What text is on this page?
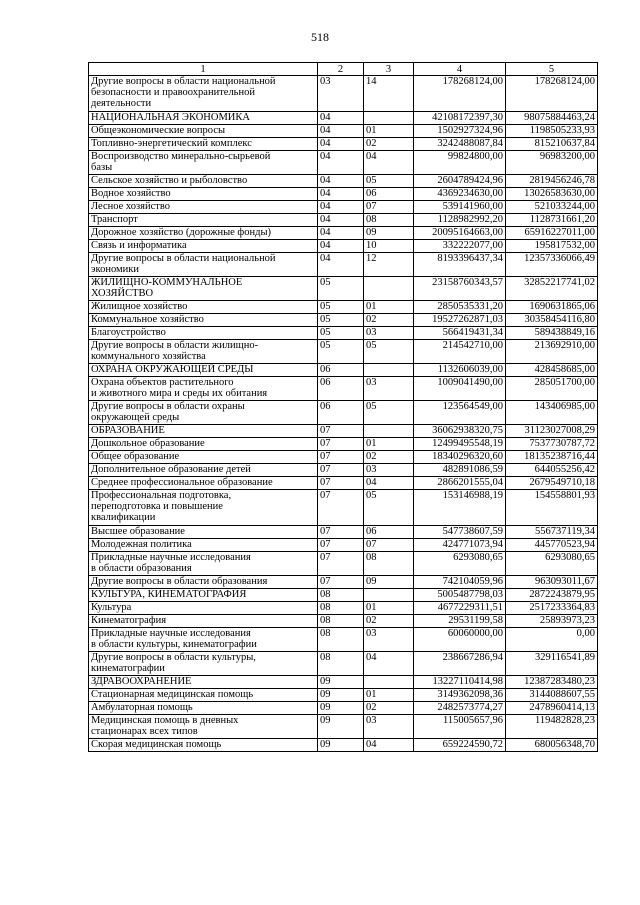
518
1	2	3	4	5
Другие вопросы в области национальной
безопасности и правоохранительной
деятельности	03	14	178268124,00	178268124,00
НАЦИОНАЛЬНАЯ ЭКОНОМИКА	04		42108172397,30	98075884463,24
Общеэкономические вопросы	04	01	1502927324,96	1198505233,93
Топливно-энергетический комплекс	04	02	3242488087,84	815210637,84
Воспроизводство минерально-сырьевой
базы	04	04	99824800,00	96983200,00
Сельское хозяйство и рыболовство	04	05	2604789424,96	2819456246,78
Водное хозяйство	04	06	4369234630,00	13026583630,00
Лесное хозяйство	04	07	539141960,00	521033244,00
Транспорт	04	08	1128982992,20	1128731661,20
Дорожное хозяйство (дорожные фонды)	04	09	20095164663,00	65916227011,00
Связь и информатика	04	10	332222077,00	195817532,00
Другие вопросы в области национальной
экономики	04	12	8193396437,34	12357336066,49
ЖИЛИЩНО-КОММУНАЛЬНОЕ
ХОЗЯЙСТВО	05		23158760343,57	32852217741,02
Жилищное хозяйство	05	01	2850535331,20	1690631865,06
Коммунальное хозяйство	05	02	19527262871,03	30358454116,80
Благоустройство	05	03	566419431,34	589438849,16
Другие вопросы в области жилищно-
коммунального хозяйства	05	05	214542710,00	213692910,00
ОХРАНА ОКРУЖАЮЩЕЙ СРЕДЫ	06		1132606039,00	428458685,00
Охрана объектов растительного
и животного мира и среды их обитания	06	03	1009041490,00	285051700,00
Другие вопросы в области охраны
окружающей среды	06	05	123564549,00	143406985,00
ОБРАЗОВАНИЕ	07		36062938320,75	31123027008,29
Дошкольное образование	07	01	12499495548,19	7537730787,72
Общее образование	07	02	18340296320,60	18135238716,44
Дополнительное образование детей	07	03	482891086,59	644055256,42
Среднее профессиональное образование	07	04	2866201555,04	2679549710,18
Профессиональная подготовка,
переподготовка и повышение
квалификации	07	05	153146988,19	154558801,93
Высшее образование	07	06	547738607,59	556737119,34
Молодежная политика	07	07	424771073,94	445770523,94
Прикладные научные исследования
в области образования	07	08	6293080,65	6293080,65
Другие вопросы в области образования	07	09	742104059,96	963093011,67
КУЛЬТУРА, КИНЕМАТОГРАФИЯ	08		5005487798,03	2872243879,95
Культура	08	01	4677229311,51	2517233364,83
Кинематография	08	02	29531199,58	25893973,23
Прикладные научные исследования
в области культуры, кинематографии	08	03	60060000,00	0,00
Другие вопросы в области культуры,
кинематографии	08	04	238667286,94	329116541,89
ЗДРАВООХРАНЕНИЕ	09		13227110414,98	12387283480,23
Стационарная медицинская помощь	09	01	3149362098,36	3144088607,55
Амбулаторная помощь	09	02	2482573774,27	2478960414,13
Медицинская помощь в дневных
стационарах всех типов	09	03	115005657,96	119482828,23
Скорая медицинская помощь	09	04	659224590,72	680056348,70
